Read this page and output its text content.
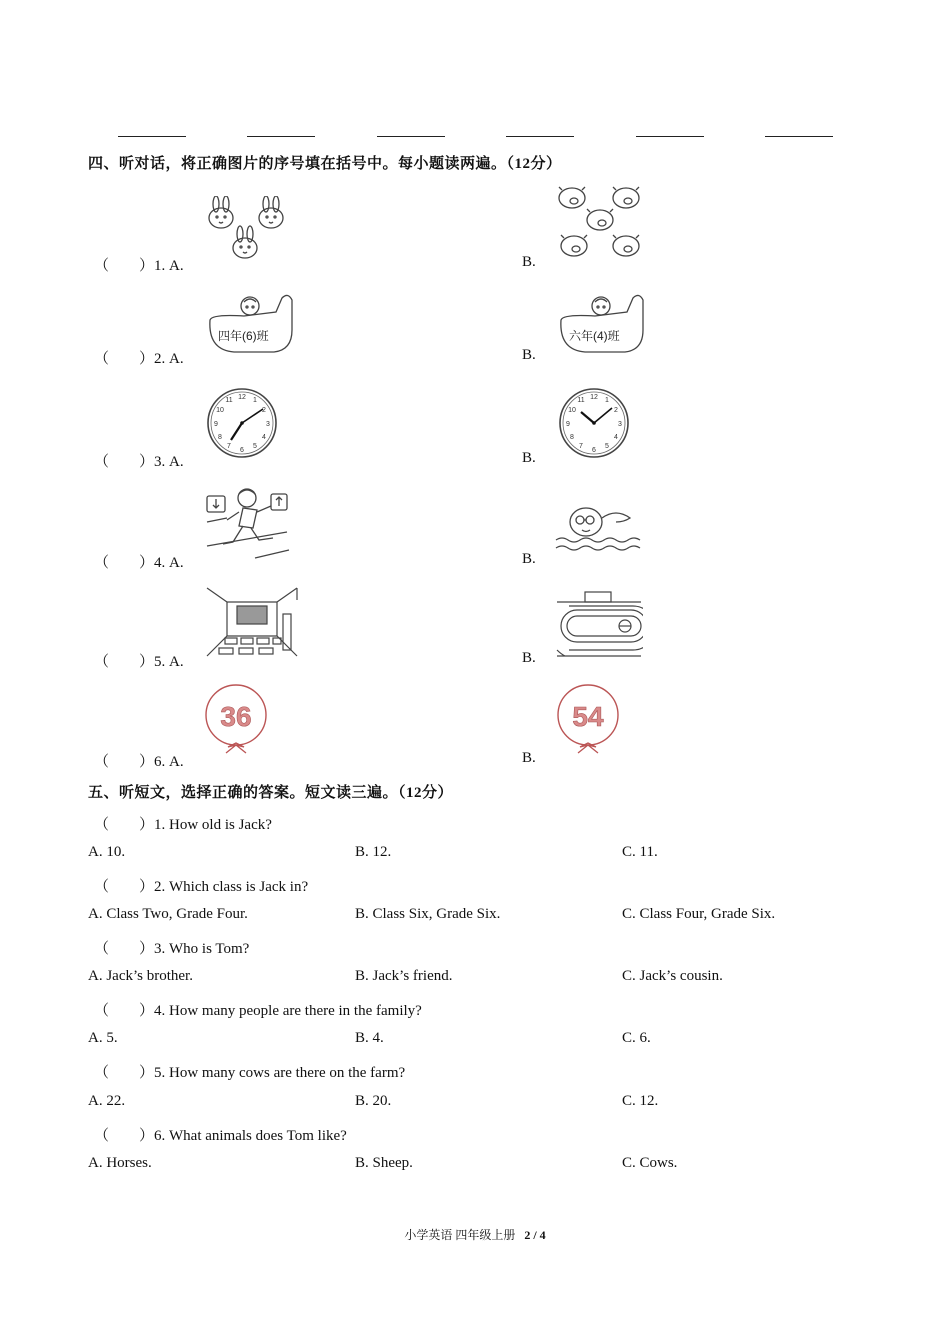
四、听对话，将正确图片的序号填在括号中。每小题读两遍。（12分）
（　　）1. A.	B.
（　　）2. A.	B.
四年(6)班	六年(4)班
（　　）3. A.	B.
12 1
2
3
4
5
6
7
8
9
10
11	12 1
2
3
4
5
6
7
8
9
10
11
（　　）4. A.	B.
（　　）5. A.	B.
（　　）6. A.	B.
36	54
五、听短文，选择正确的答案。短文读三遍。（12分）
（　　）1. How old is Jack?
A. 10.	B. 12.	C. 11.
（　　）2. Which class is Jack in?
A. Class Two, Grade Four.	B. Class Six, Grade Six.	C. Class Four, Grade Six.
（　　）3. Who is Tom?
A. Jack’s brother.	B. Jack’s friend.	C. Jack’s cousin.
（　　）4. How many people are there in the family?
A. 5.	B. 4.	C. 6.
（　　）5. How many cows are there on the farm?
A. 22.	B. 20.	C. 12.
（　　）6. What animals does Tom like?
A. Horses.	B. Sheep.	C. Cows.
小学英语 四年级上册 2 / 4
